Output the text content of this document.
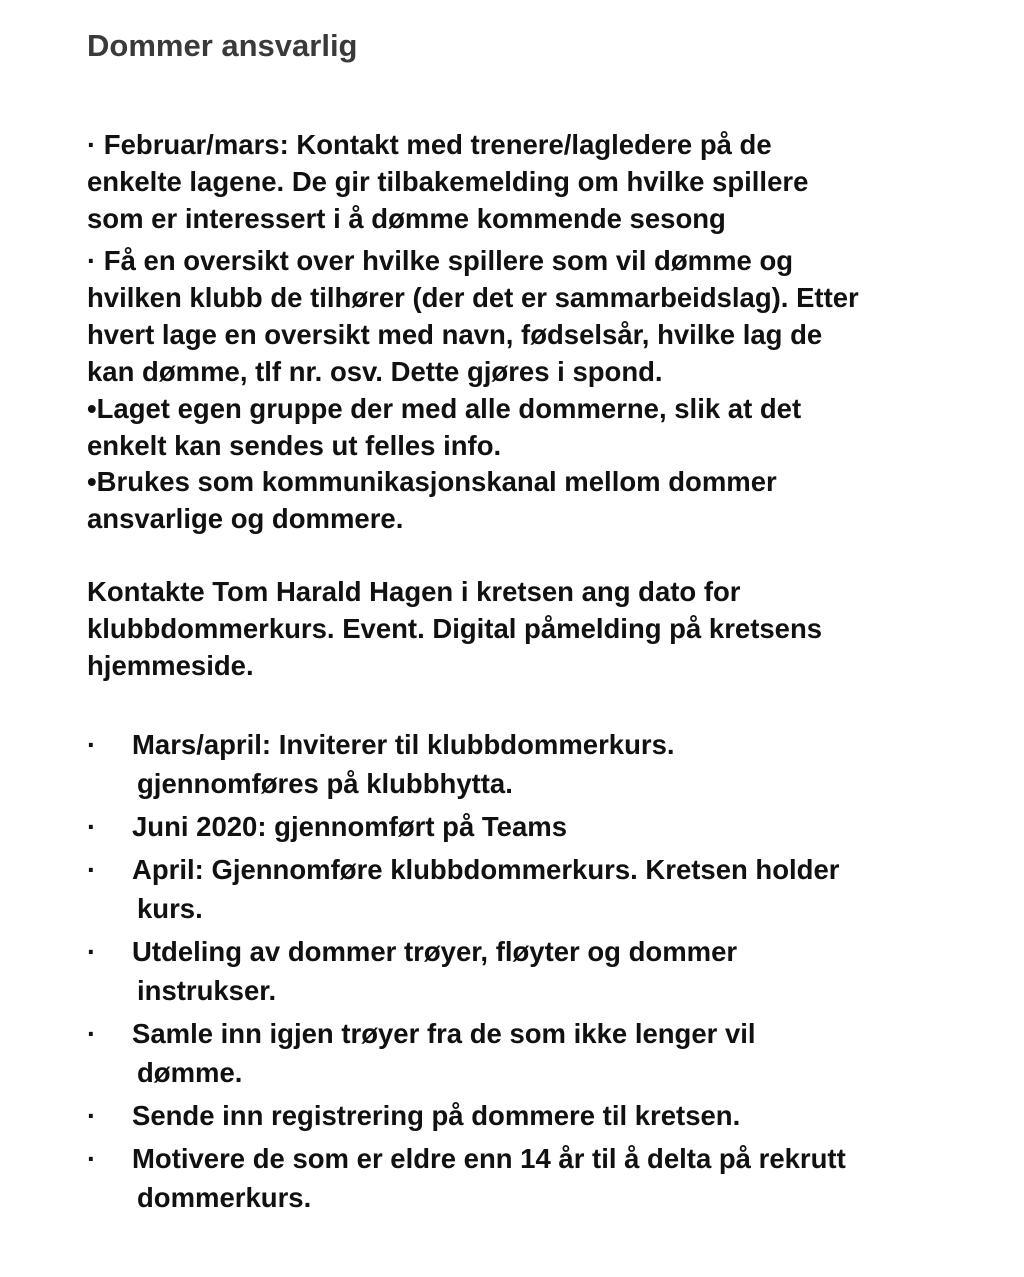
Dommer ansvarlig

· Februar/mars: Kontakt med trenere/lagledere på de
enkelte lagene. De gir tilbakemelding om hvilke spillere
som er interessert i å dømme kommende sesong

· Få en oversikt over hvilke spillere som vil dømme og
hvilken klubb de tilhører (der det er sammarbeidslag). Etter
hvert lage en oversikt med navn, fødselsår, hvilke lag de
kan dømme, tlf nr. osv. Dette gjøres i spond.

•Laget egen gruppe der med alle dommerne, slik at det
enkelt kan sendes ut felles info.

•Brukes som kommunikasjonskanal mellom dommer
ansvarlige og dommere.

Kontakte Tom Harald Hagen i kretsen ang dato for
klubbdommerkurs. Event. Digital påmelding på kretsens
hjemmeside.

·	Mars/april: Inviterer til klubbdommerkurs.
gjennomføres på klubbhytta.
·	Juni 2020: gjennomført på Teams
·	April: Gjennomføre klubbdommerkurs. Kretsen holder
kurs.
·	Utdeling av dommer trøyer, fløyter og dommer
instrukser.
·	Samle inn igjen trøyer fra de som ikke lenger vil
dømme.
·	Sende inn registrering på dommere til kretsen.
·	Motivere de som er eldre enn 14 år til å delta på rekrutt
dommerkurs.
